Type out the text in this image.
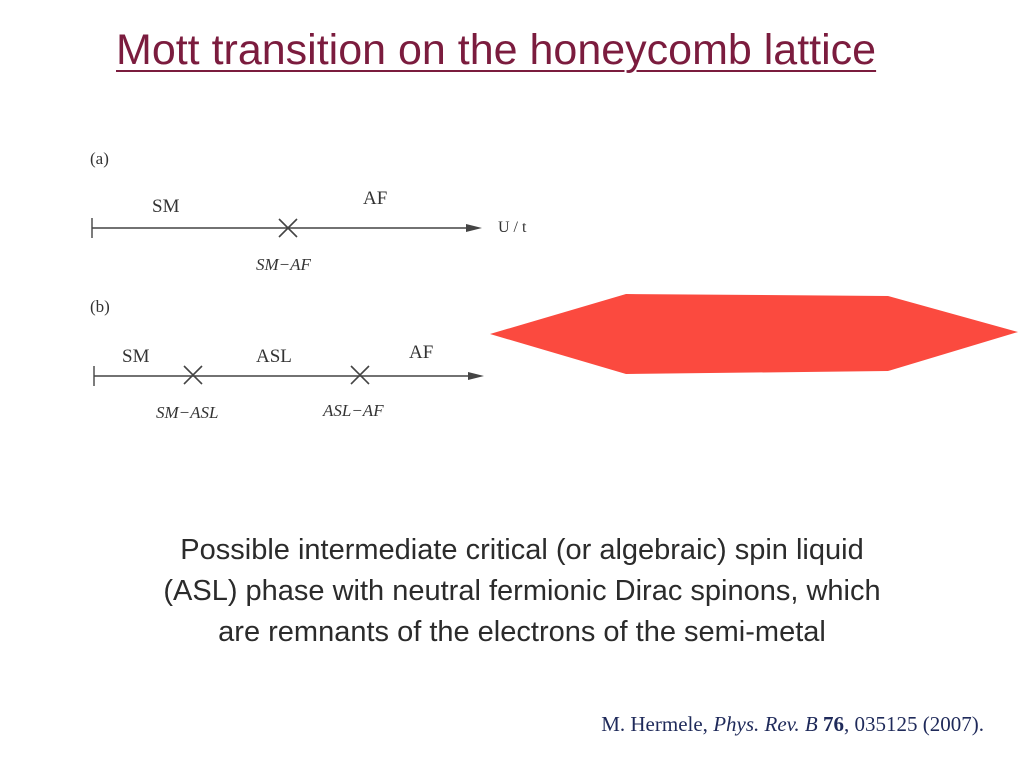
Mott transition on the honeycomb lattice
(a)
U / t
SM	AF
SM−AF
(b)
SM	ASL	AF
SM−ASL	ASL−AF
Possible intermediate critical (or algebraic) spin liquid
(ASL) phase with neutral fermionic Dirac spinons, which
are remnants of the electrons of the semi-metal
M. Hermele, Phys. Rev. B 76, 035125 (2007).
